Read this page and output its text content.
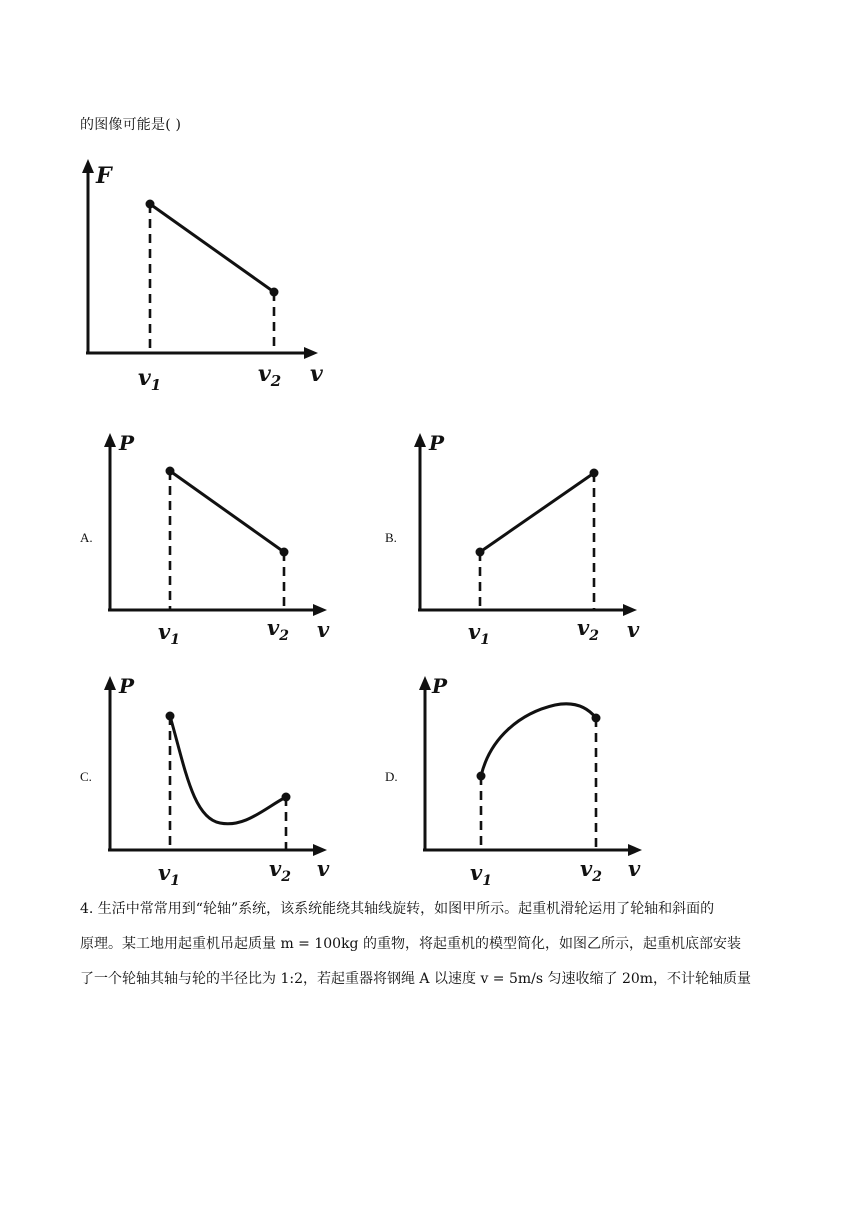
的图像可能是( )
F
$v_1$	$v_2$ v
A.
P
$v_1$	$v_2$ v
B.
P
$v_1$	$v_2$ v
C.
P
$v_1$	$v_2$ v
D.
P
$v_1$	$v_2$ v
4. 生活中常常用到“轮轴”系统，该系统能绕其轴线旋转，如图甲所示。起重机滑轮运用了轮轴和斜面的
原理。某工地用起重机吊起质量 m = 100kg 的重物，将起重机的模型简化，如图乙所示，起重机底部安装
了一个轮轴其轴与轮的半径比为 1:2，若起重器将钢绳 A 以速度 v = 5m/s 匀速收缩了 20m，不计轮轴质量
